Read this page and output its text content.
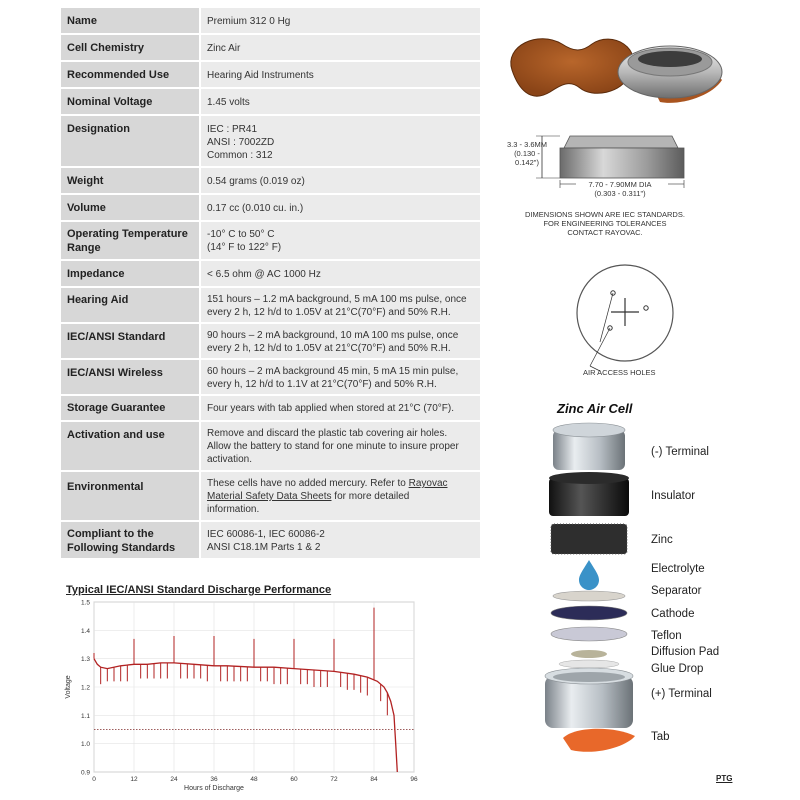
Name	Premium 312 0 Hg

Cell Chemistry	Zinc Air

Recommended Use	Hearing Aid Instruments

Nominal Voltage	1.45 volts

Designation	IEC : PR41
ANSI : 7002ZD
Common : 312

Weight	0.54 grams (0.019 oz)

Volume	0.17 cc (0.010 cu. in.)

Operating Temperature
Range	-10° C to 50° C
(14° F to 122° F)

Impedance	< 6.5 ohm @ AC 1000 Hz

Hearing Aid	151 hours – 1.2 mA background, 5 mA 100 ms pulse, once
every 2 h, 12 h/d to 1.05V at 21°C(70°F) and 50% R.H.

IEC/ANSI Standard	90 hours – 2 mA background, 10 mA 100 ms pulse, once
every 2 h, 12 h/d to 1.05V at 21°C(70°F) and 50% R.H.

IEC/ANSI Wireless	60 hours – 2 mA background 45 min, 5 mA 15 min pulse,
every h, 12 h/d to 1.1V at 21°C(70°F) and 50% R.H.

Storage Guarantee	Four years with tab applied when stored at 21°C (70°F).

Activation and use	Remove and discard the plastic tab covering air holes.
Allow the battery to stand for one minute to insure proper
activation.

Environmental	These cells have no added mercury. Refer to Rayovac
Material Safety Data Sheets for more detailed
information.

Compliant to the
Following Standards	IEC 60086-1, IEC 60086-2
ANSI C18.1M Parts 1 & 2
3.3 - 3.6MM
(0.130 - 0.142")
7.70 - 7.90MM DIA
(0.303 - 0.311")
DIMENSIONS SHOWN ARE IEC STANDARDS.
FOR ENGINEERING TOLERANCES
CONTACT RAYOVAC.
AIR ACCESS HOLES
Zinc Air Cell
(-) Terminal
Insulator
Zinc
Electrolyte
Separator
Cathode
Teflon
Diffusion Pad
Glue Drop
(+) Terminal
Tab
PTG
Typical IEC/ANSI Standard Discharge Performance
0	12	24	36	48	60	72	84	96
0.9
1.0
1.1
1.2
1.3
1.4
1.5
Hours of Discharge
Voltage
